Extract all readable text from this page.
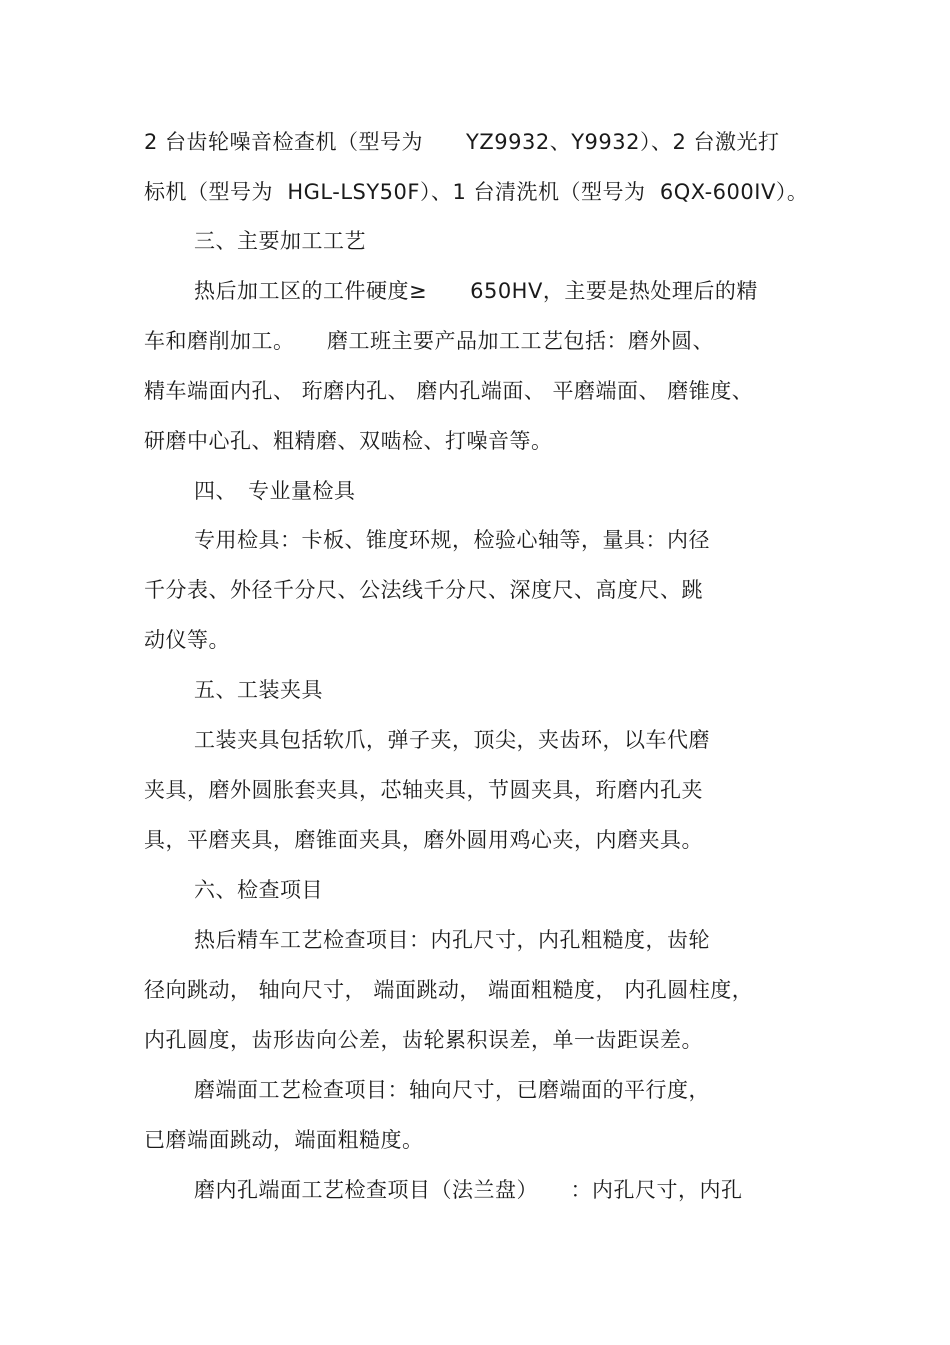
2 台齿轮噪音检查机（型号为　　YZ9932、Y9932）、2 台激光打
标机（型号为  HGL-LSY50F）、1 台清洗机（型号为  6QX-600IV）。
三、主要加工工艺
热后加工区的工件硬度≥　　650HV，主要是热处理后的精
车和磨削加工。　　磨工班主要产品加工工艺包括：磨外圆、
精车端面内孔、 珩磨内孔、 磨内孔端面、 平磨端面、 磨锥度、
研磨中心孔、粗精磨、双啮检、打噪音等。
四、　专业量检具
专用检具：卡板、锥度环规，检验心轴等，量具：内径
千分表、外径千分尺、公法线千分尺、深度尺、高度尺、跳
动仪等。
五、工装夹具
工装夹具包括软爪，弹子夹，顶尖，夹齿环，以车代磨
夹具，磨外圆胀套夹具，芯轴夹具，节圆夹具，珩磨内孔夹
具，平磨夹具，磨锥面夹具，磨外圆用鸡心夹，内磨夹具。
六、检查项目
热后精车工艺检查项目：内孔尺寸，内孔粗糙度，齿轮
径向跳动， 轴向尺寸， 端面跳动， 端面粗糙度， 内孔圆柱度，
内孔圆度，齿形齿向公差，齿轮累积误差，单一齿距误差。
磨端面工艺检查项目：轴向尺寸，已磨端面的平行度，
已磨端面跳动，端面粗糙度。
磨内孔端面工艺检查项目（法兰盘）　　：内孔尺寸，内孔
